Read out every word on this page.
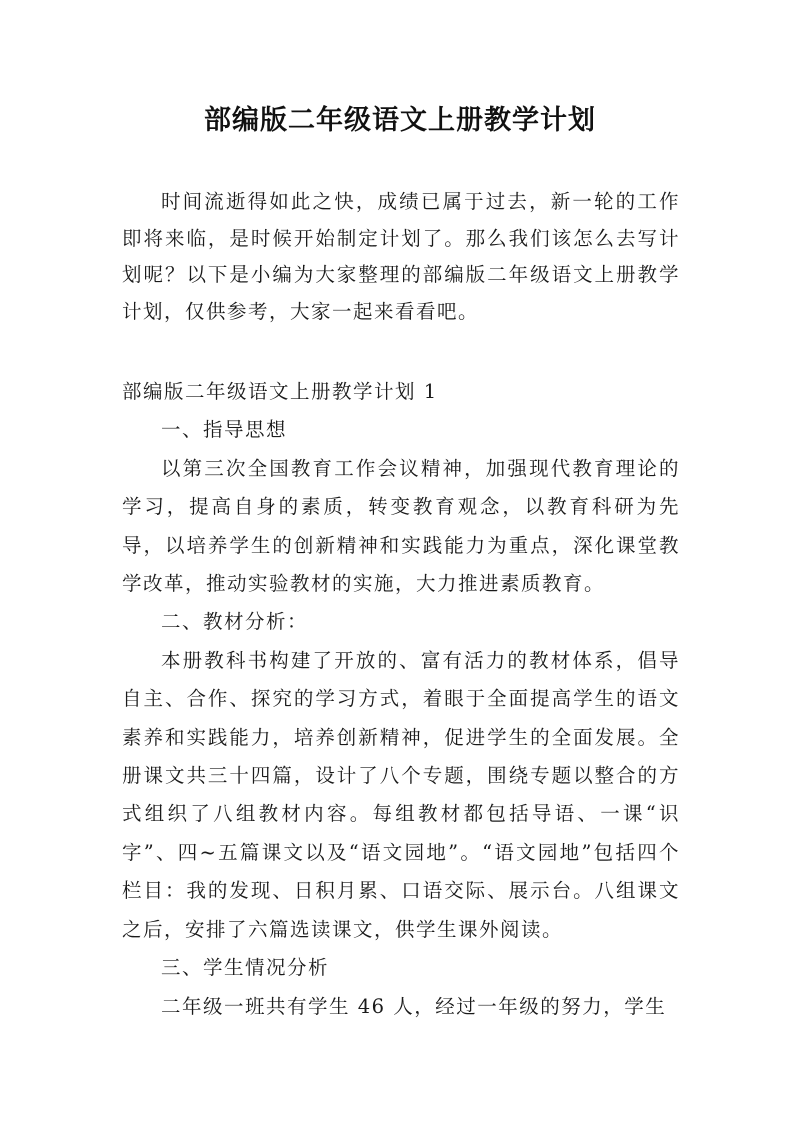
部编版二年级语文上册教学计划

时间流逝得如此之快，成绩已属于过去，新一轮的工作即将来临，是时候开始制定计划了。那么我们该怎么去写计划呢？以下是小编为大家整理的部编版二年级语文上册教学计划，仅供参考，大家一起来看看吧。

部编版二年级语文上册教学计划 1

一、指导思想

以第三次全国教育工作会议精神，加强现代教育理论的学习，提高自身的素质，转变教育观念，以教育科研为先导，以培养学生的创新精神和实践能力为重点，深化课堂教学改革，推动实验教材的实施，大力推进素质教育。

二、教材分析：

本册教科书构建了开放的、富有活力的教材体系，倡导自主、合作、探究的学习方式，着眼于全面提高学生的语文素养和实践能力，培养创新精神，促进学生的全面发展。全册课文共三十四篇，设计了八个专题，围绕专题以整合的方式组织了八组教材内容。每组教材都包括导语、一课“识字”、四~五篇课文以及“语文园地”。“语文园地”包括四个栏目：我的发现、日积月累、口语交际、展示台。八组课文之后，安排了六篇选读课文，供学生课外阅读。

三、学生情况分析

二年级一班共有学生 46 人，经过一年级的努力，学生
